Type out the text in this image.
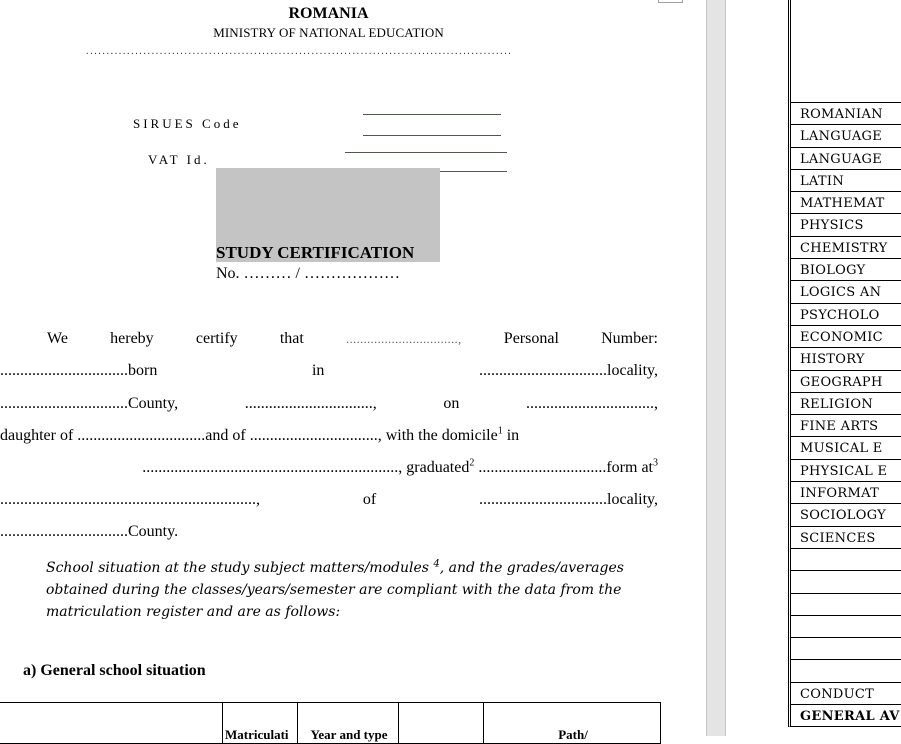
ROMANIA
MINISTRY OF NATIONAL EDUCATION
........................................................................................................
SIRUES Code
VAT Id.
STUDY CERTIFICATION
No. ……… / ………………
We	hereby	certify	that	................................,	Personal	Number:
................................born	in	................................locality,
................................County,	................................,	on	................................,
daughter of ................................and of ................................, with the domicile$^1$ in
................................................................, graduated$^2$ ................................form $at^3$
................................................................,	of	................................locality,
................................County.
School situation at the study subject matters/modules $^4$, and the grades/averages obtained during the classes/years/semester are compliant with the data from the matriculation register and are as follows:
a) General school situation
	Matriculati	Year and type		Path/
ROMANIAN
LANGUAGE
LANGUAGE
LATIN
MATHEMAT
PHYSICS
CHEMISTRY
BIOLOGY
LOGICS AN
PSYCHOLO
ECONOMIC
HISTORY
GEOGRAPH
RELIGION
FINE ARTS
MUSICAL E
PHYSICAL E
INFORMAT
SOCIOLOGY
SCIENCES
CONDUCT
GENERAL AV
